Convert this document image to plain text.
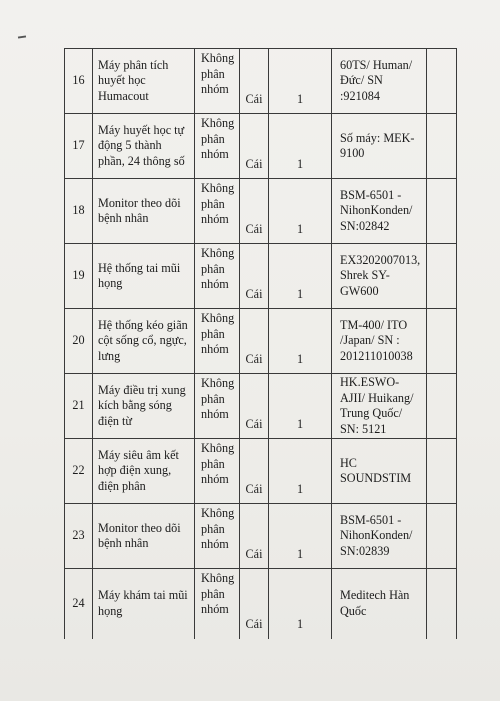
16	Máy phân tích huyết học Humacout	Không phân nhóm	Cái	1	60TS/ Human/Đức/ SN :921084	
17	Máy huyết học tự động 5 thành phần, 24 thông số	Không phân nhóm	Cái	1	Số máy: MEK-9100	
18	Monitor theo dõi bệnh nhân	Không phân nhóm	Cái	1	BSM-6501 - NihonKonden/ SN:02842	
19	Hệ thống tai mũi họng	Không phân nhóm	Cái	1	EX3202007013, Shrek SY-GW600	
20	Hệ thống kéo giãn cột sống cổ, ngực, lưng	Không phân nhóm	Cái	1	TM-400/ ITO /Japan/ SN : 201211010038	
21	Máy điều trị xung kích bằng sóng điện từ	Không phân nhóm	Cái	1	HK.ESWO-AJII/ Huikang/ Trung Quốc/ SN: 5121	
22	Máy siêu âm kết hợp điện xung, điện phân	Không phân nhóm	Cái	1	HC SOUNDSTIM	
23	Monitor theo dõi bệnh nhân	Không phân nhóm	Cái	1	BSM-6501 - NihonKonden/ SN:02839	
24	Máy khám tai mũi họng	Không phân nhóm	Cái	1	Meditech Hàn Quốc	
